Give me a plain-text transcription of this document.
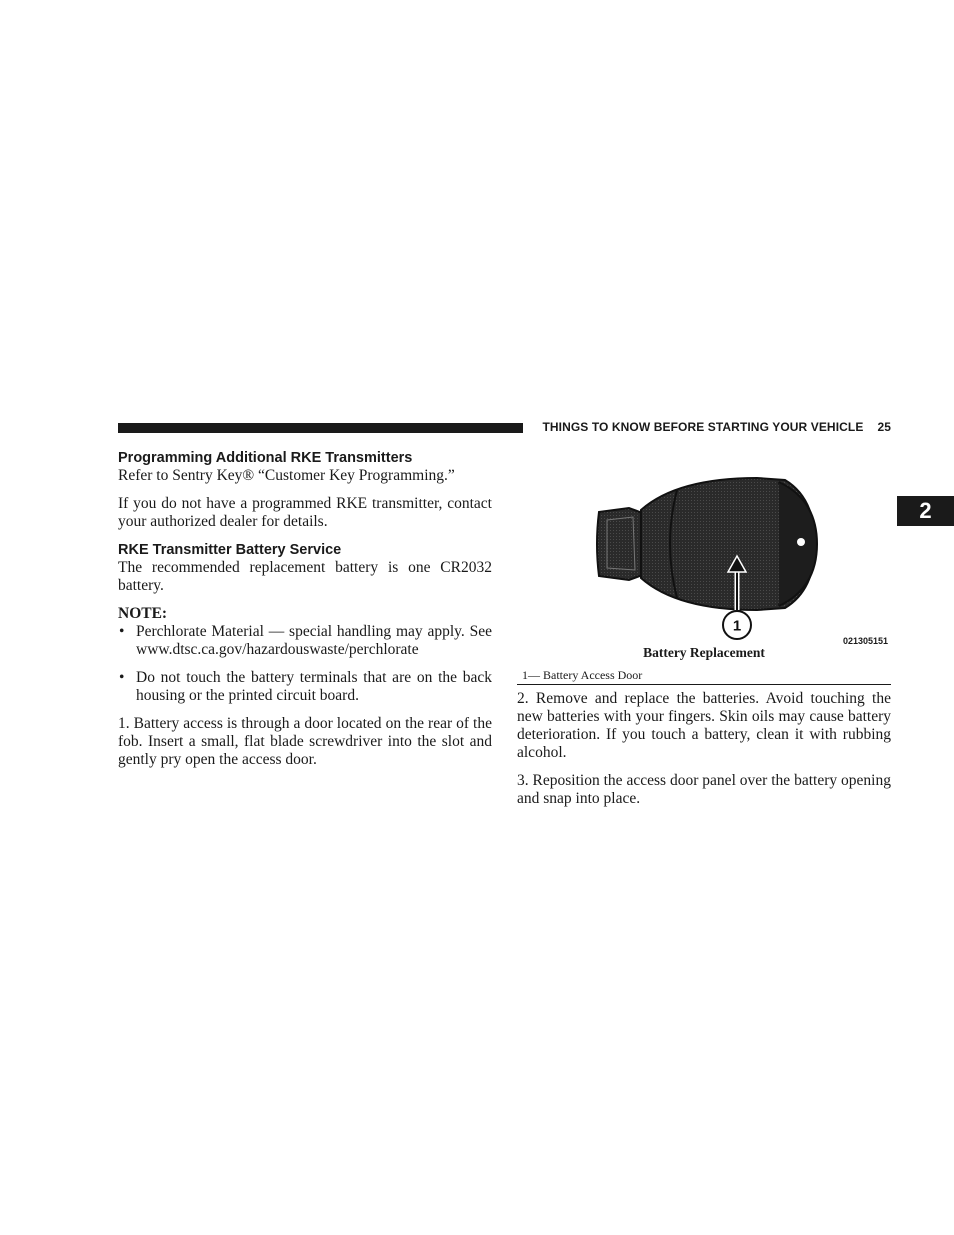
THINGS TO KNOW BEFORE STARTING YOUR VEHICLE 25
2
Programming Additional RKE Transmitters

Refer to Sentry Key® “Customer Key Programming.”

If you do not have a programmed RKE transmitter, contact your authorized dealer for details.

RKE Transmitter Battery Service

The recommended replacement battery is one CR2032 battery.

NOTE:

• Perchlorate Material — special handling may apply. See www.dtsc.ca.gov/hazardouswaste/perchlorate
• Do not touch the battery terminals that are on the back housing or the printed circuit board.

1. Battery access is through a door located on the rear of the fob. Insert a small, flat blade screwdriver into the slot and gently pry open the access door.

1
021305151
Battery Replacement
1— Battery Access Door

2. Remove and replace the batteries. Avoid touching the new batteries with your fingers. Skin oils may cause battery deterioration. If you touch a battery, clean it with rubbing alcohol.

3. Reposition the access door panel over the battery opening and snap into place.
